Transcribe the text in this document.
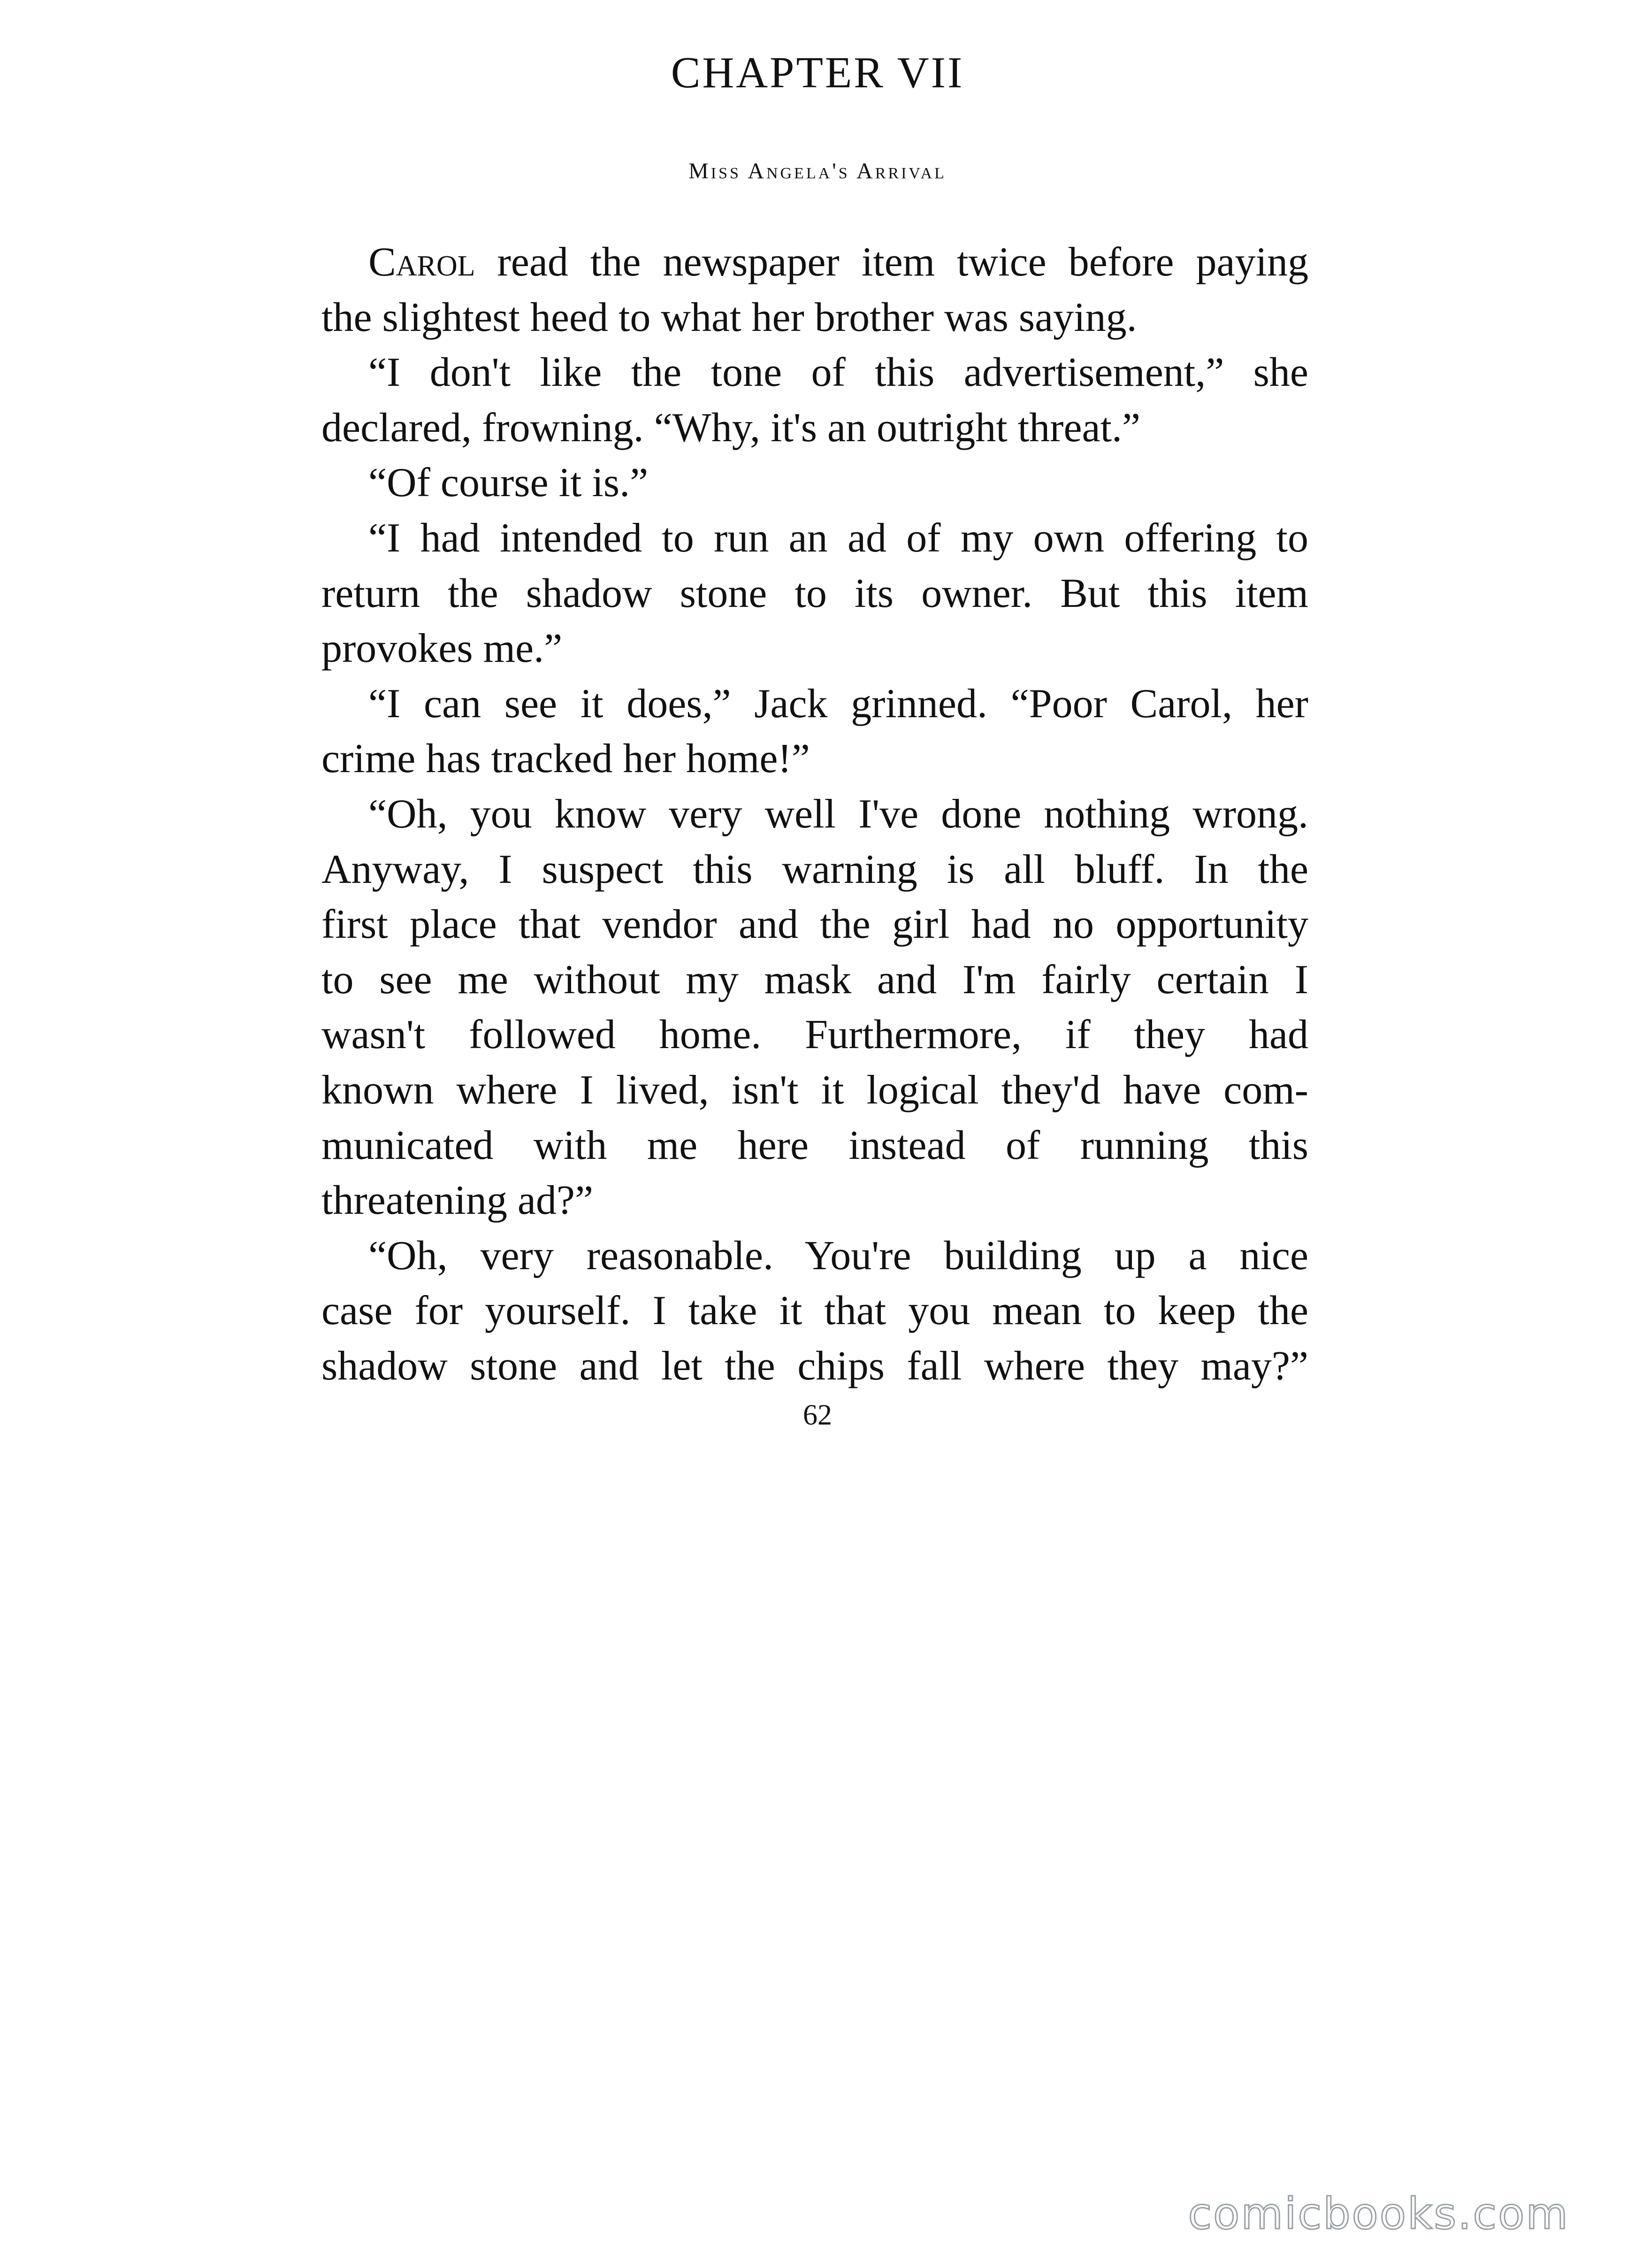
CHAPTER VII
Miss Angela's Arrival
Carol read the newspaper item twice before paying
the slightest heed to what her brother was saying.
“I don't like the tone of this advertisement,” she
declared, frowning. “Why, it's an outright threat.”
“Of course it is.”
“I had intended to run an ad of my own offering to
return the shadow stone to its owner. But this item
provokes me.”
“I can see it does,” Jack grinned. “Poor Carol, her
crime has tracked her home!”
“Oh, you know very well I've done nothing wrong.
Anyway, I suspect this warning is all bluff. In the
first place that vendor and the girl had no opportunity
to see me without my mask and I'm fairly certain I
wasn't followed home. Furthermore, if they had
known where I lived, isn't it logical they'd have com-
municated with me here instead of running this
threatening ad?”
“Oh, very reasonable. You're building up a nice
case for yourself. I take it that you mean to keep the
shadow stone and let the chips fall where they may?”
62
comicbooks.com
